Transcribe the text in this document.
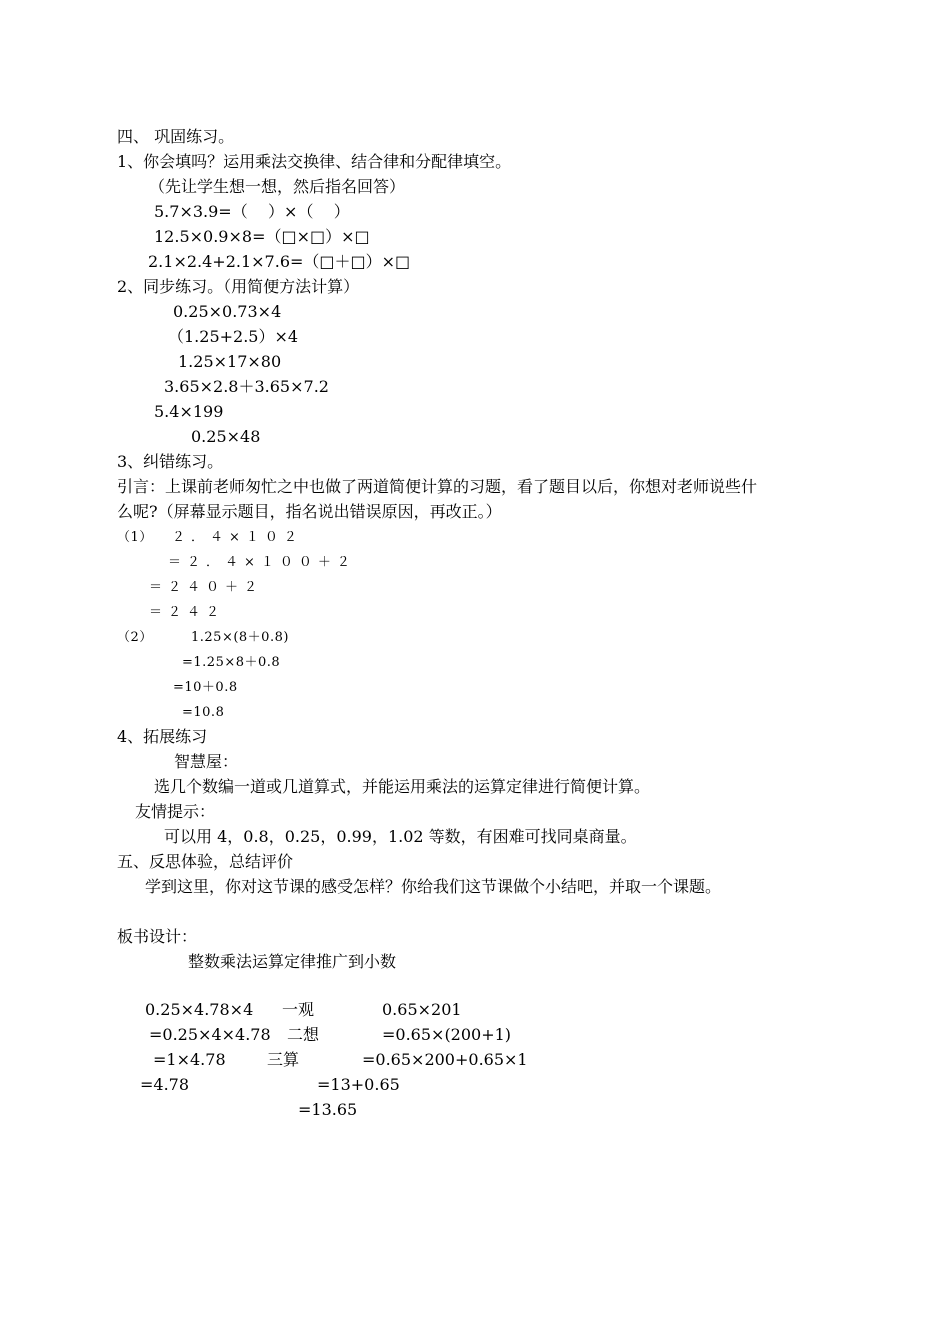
四、 巩固练习。
1、你会填吗？运用乘法交换律、结合律和分配律填空。
（先让学生想一想，然后指名回答）
5.7×3.9=（    ）×（    ）
12.5×0.9×8=（□×□）×□
2.1×2.4+2.1×7.6=（□＋□）×□
2、同步练习。（用简便方法计算）
0.25×0.73×4
（1.25+2.5）×4
1.25×17×80
3.65×2.8＋3.65×7.2
5.4×199
0.25×48
3、纠错练习。
引言：上课前老师匆忙之中也做了两道简便计算的习题，看了题目以后，你想对老师说些什
么呢?（屏幕显示题目，指名说出错误原因，再改正。）
（1） ２．４×１０２
＝２．４×１００＋２
＝２４０＋２
＝２４２
（2）	1.25×(8＋0.8)
=1.25×8＋0.8
=10＋0.8
=10.8
4、拓展练习
智慧屋：
选几个数编一道或几道算式，并能运用乘法的运算定律进行简便计算。
友情提示：
可以用 4，0.8，0.25，0.99，1.02 等数，有困难可找同桌商量。
五、反思体验，总结评价
学到这里，你对这节课的感受怎样？你给我们这节课做个小结吧，并取一个课题。
板书设计：
整数乘法运算定律推广到小数
0.25×4.78×4
=0.25×4×4.78
=1×4.78
=4.78
一观
二想
三算
0.65×201
=0.65×(200+1)
=0.65×200+0.65×1
=13+0.65
=13.65
